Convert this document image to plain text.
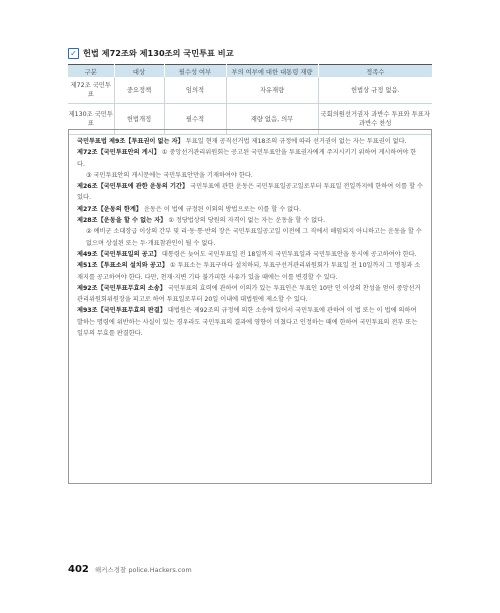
✓ 헌법 제72조와 제130조의 국민투표 비교
구분	대상	필수성 여부	부의 여부에 대한 대통령 재량	정족수
제72조 국민투표	중요정책	임의적	자유재량	헌법상 규정 없음.
제130조 국민투표	헌법개정	필수적	재량 없음, 의무	국회의원선거권자 과반수 투표와 투표자 과반수 찬성

국민투표법 제9조【투표권이 없는 자】 투표일 현재 공직선거법 제18조의 규정에 따라 선거권이 없는 자는 투표권이 없다.

제72조【국민투표안의 게시】 ① 중앙선거관리위원회는 공고된 국민투표안을 투표권자에게 주지시키기 위하여 게시하여야 한다.

③ 국민투표안의 게시문에는 국민투표안만을 기재하여야 한다.

제26조【국민투표에 관한 운동의 기간】 국민투표에 관한 운동은 국민투표일공고일로부터 투표일 전일까지에 한하여 이를 할 수 있다.

제27조【운동의 한계】 운동은 이 법에 규정된 이외의 방법으로는 이를 할 수 없다.

제28조【운동을 할 수 없는 자】 ① 정당법상의 당원의 자격이 없는 자는 운동을 할 수 없다.

② 예비군 소대장급 이상의 간부 및 리·동·통·반의 장은 국민투표일공고일 이전에 그 직에서 해임되지 아니하고는 운동을 할 수 없으며 상설된 또는 두·개표참관인이 될 수 없다.

제49조【국민투표일의 공고】 대통령은 늦어도 국민투표일 전 18일까지 국민투표일과 국민투표안을 동시에 공고하여야 한다.

제51조【투표소의 설치와 공고】 ① 투표소는 투표구마다 설치하되, 투표구선거관리위원회가 투표일 전 10일까지 그 명칭과 소재지를 공고하여야 한다. 다만, 천재·지변 기타 불가피한 사유가 있을 때에는 이를 변경할 수 있다.

제92조【국민투표무효의 소송】 국민투표의 효력에 관하여 이의가 있는 투표인은 투표인 10만 인 이상의 찬성을 얻어 중앙선거관리위원회위원장을 피고로 하여 투표일로부터 20일 이내에 대법원에 제소할 수 있다.

제93조【국민투표무효의 판결】 대법원은 제92조의 규정에 의한 소송에 있어서 국민투표에 관하여 이 법 또는 이 법에 의하여 발하는 명령에 위반하는 사실이 있는 경우라도 국민투표의 결과에 영향이 미쳤다고 인정하는 때에 한하여 국민투표의 전부 또는 일부의 무효를 판결한다.

402 해커스경찰 police.Hackers.com
